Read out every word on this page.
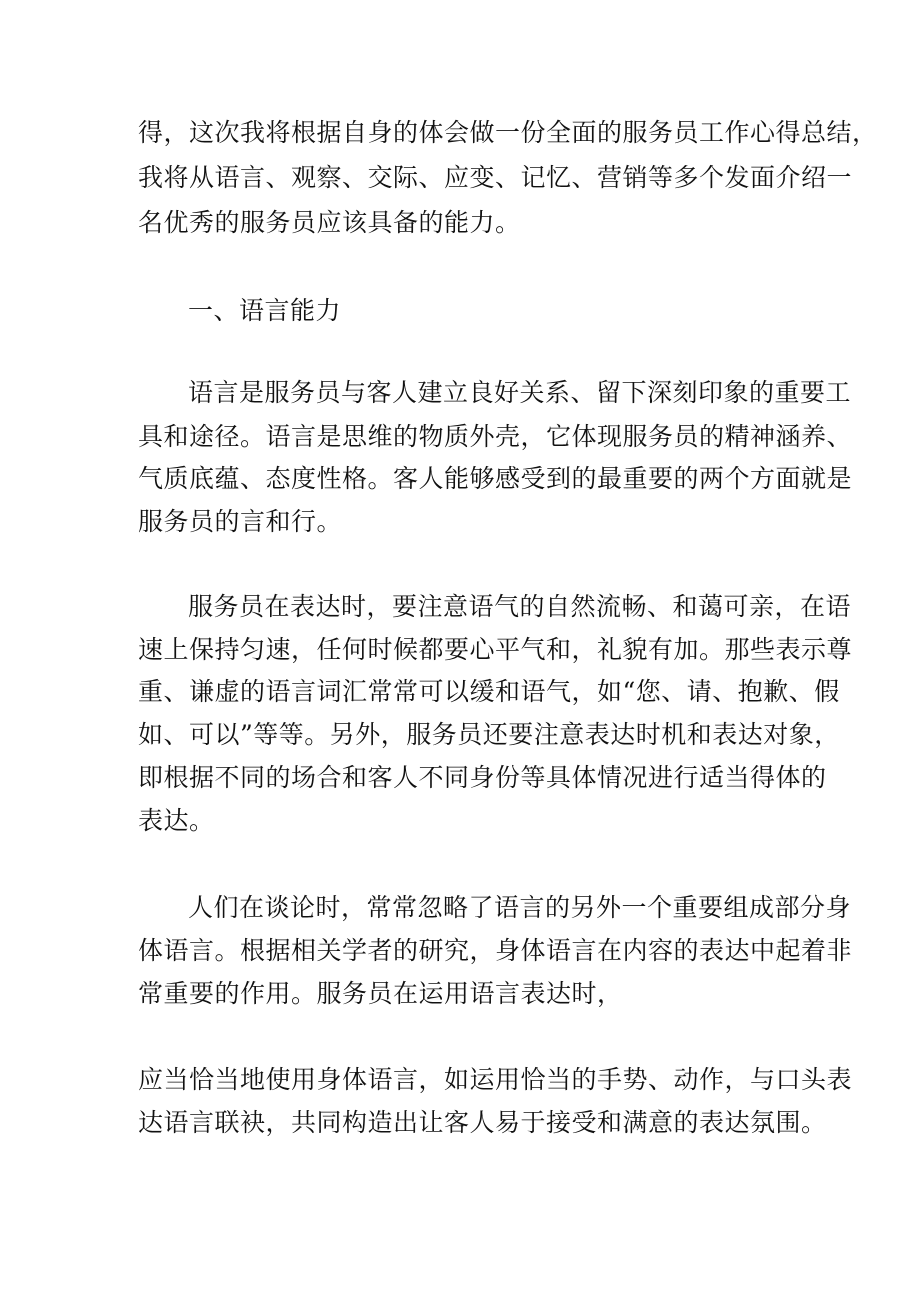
得，这次我将根据自身的体会做一份全面的服务员工作心得总结，
我将从语言、观察、交际、应变、记忆、营销等多个发面介绍一
名优秀的服务员应该具备的能力。
一、语言能力
语言是服务员与客人建立良好关系、留下深刻印象的重要工
具和途径。语言是思维的物质外壳，它体现服务员的精神涵养、
气质底蕴、态度性格。客人能够感受到的最重要的两个方面就是
服务员的言和行。
服务员在表达时，要注意语气的自然流畅、和蔼可亲，在语
速上保持匀速，任何时候都要心平气和，礼貌有加。那些表示尊
重、谦虚的语言词汇常常可以缓和语气，如“您、请、抱歉、假
如、可以”等等。另外，服务员还要注意表达时机和表达对象，
即根据不同的场合和客人不同身份等具体情况进行适当得体的
表达。
人们在谈论时，常常忽略了语言的另外一个重要组成部分身
体语言。根据相关学者的研究，身体语言在内容的表达中起着非
常重要的作用。服务员在运用语言表达时，
应当恰当地使用身体语言，如运用恰当的手势、动作，与口头表
达语言联袂，共同构造出让客人易于接受和满意的表达氛围。
